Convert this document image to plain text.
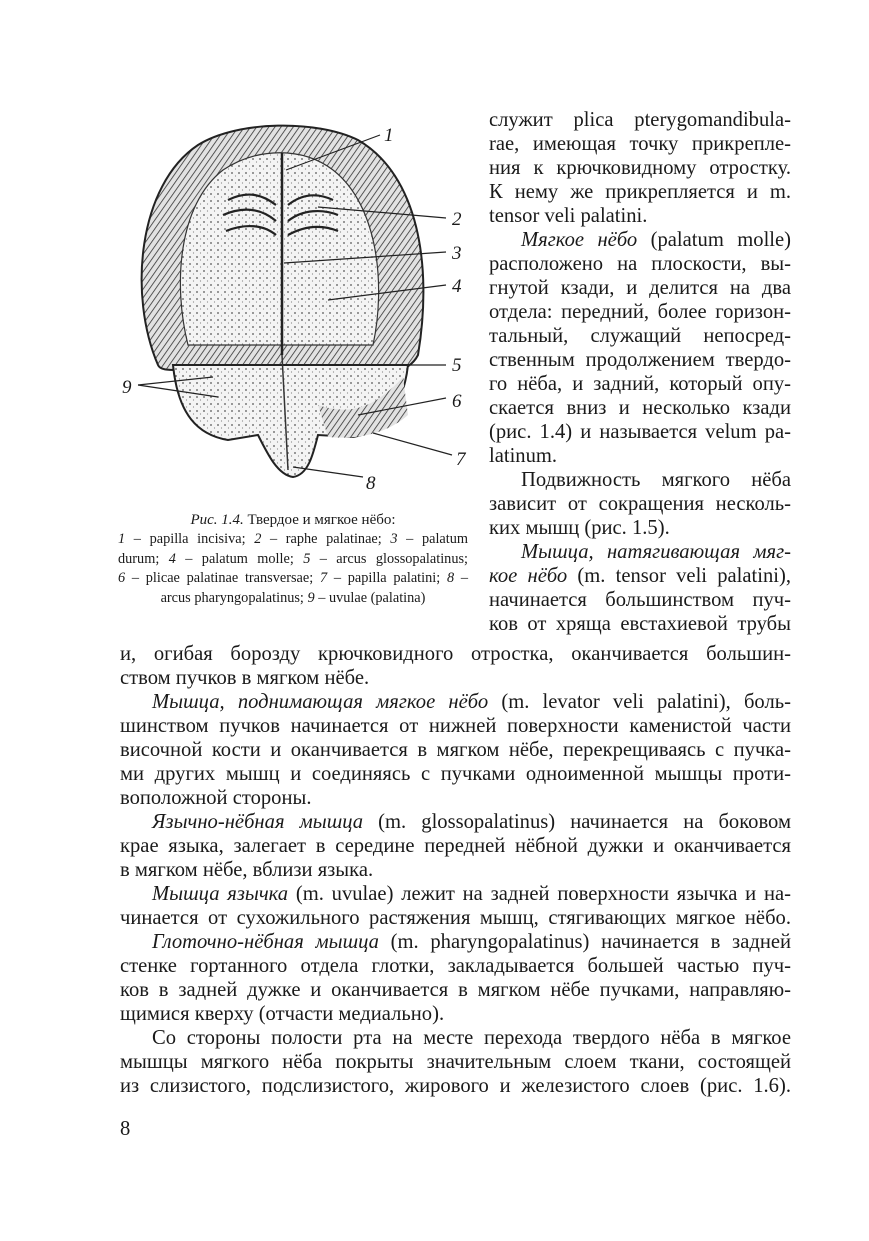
1
2
3
4
5
6
7
8
9
Рис. 1.4. Твердое и мягкое нёбо:
1 – papilla incisiva; 2 – raphe palatinae; 3 – palatum
durum; 4 – palatum molle; 5 – arcus glossopalatinus;
6 – plicae palatinae transversae; 7 – papilla palatini; 8 –
arcus pharyngopalatinus; 9 – uvulae (palatina)
служит plica pterygomandibula-
rae, имеющая точку прикрепле-
ния к крючковидному отростку.
К нему же прикрепляется и m.
tensor veli palatini.
Мягкое нёбо (palatum molle)
расположено на плоскости, вы-
гнутой кзади, и делится на два
отдела: передний, более горизон-
тальный, служащий непосред-
ственным продолжением твердо-
го нёба, и задний, который опу-
скается вниз и несколько кзади
(рис. 1.4) и называется velum pa-
latinum.
Подвижность мягкого нёба
зависит от сокращения несколь-
ких мышц (рис. 1.5).
Мышца, натягивающая мяг-
кое нёбо (m. tensor veli palatini),
начинается большинством пуч-
ков от хряща евстахиевой трубы
и, огибая борозду крючковидного отростка, оканчивается большин-
ством пучков в мягком нёбе.
Мышца, поднимающая мягкое нёбо (m. levator veli palatini), боль-
шинством пучков начинается от нижней поверхности каменистой части
височной кости и оканчивается в мягком нёбе, перекрещиваясь с пучка-
ми других мышц и соединяясь с пучками одноименной мышцы проти-
воположной стороны.
Язычно-нёбная мышца (m. glossopalatinus) начинается на боковом
крае языка, залегает в середине передней нёбной дужки и оканчивается
в мягком нёбе, вблизи языка.
Мышца язычка (m. uvulae) лежит на задней поверхности язычка и на-
чинается от сухожильного растяжения мышц, стягивающих мягкое нёбо.
Глоточно-нёбная мышца (m. pharyngopalatinus) начинается в задней
стенке гортанного отдела глотки, закладывается большей частью пуч-
ков в задней дужке и оканчивается в мягком нёбе пучками, направляю-
щимися кверху (отчасти медиально).
Со стороны полости рта на месте перехода твердого нёба в мягкое
мышцы мягкого нёба покрыты значительным слоем ткани, состоящей
из слизистого, подслизистого, жирового и железистого слоев (рис. 1.6).
8
